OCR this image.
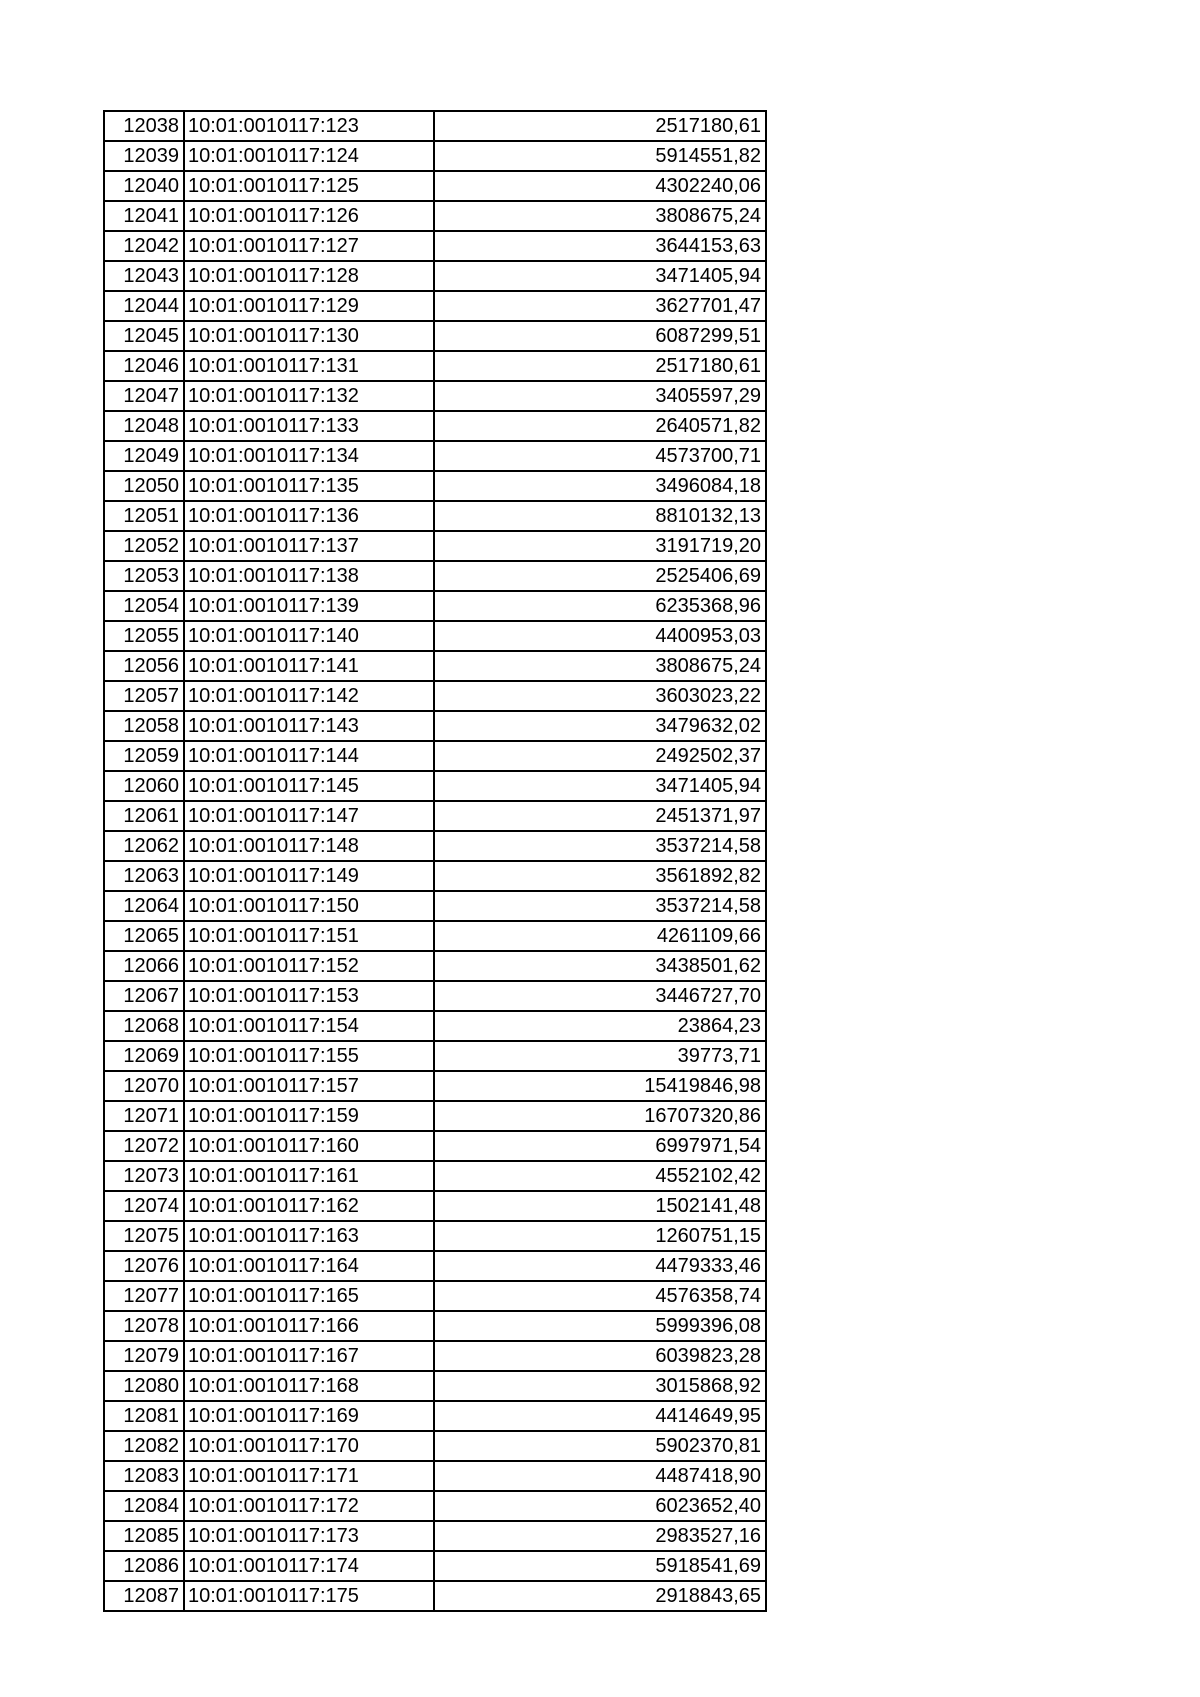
12038	10:01:0010117:123	2517180,61
12039	10:01:0010117:124	5914551,82
12040	10:01:0010117:125	4302240,06
12041	10:01:0010117:126	3808675,24
12042	10:01:0010117:127	3644153,63
12043	10:01:0010117:128	3471405,94
12044	10:01:0010117:129	3627701,47
12045	10:01:0010117:130	6087299,51
12046	10:01:0010117:131	2517180,61
12047	10:01:0010117:132	3405597,29
12048	10:01:0010117:133	2640571,82
12049	10:01:0010117:134	4573700,71
12050	10:01:0010117:135	3496084,18
12051	10:01:0010117:136	8810132,13
12052	10:01:0010117:137	3191719,20
12053	10:01:0010117:138	2525406,69
12054	10:01:0010117:139	6235368,96
12055	10:01:0010117:140	4400953,03
12056	10:01:0010117:141	3808675,24
12057	10:01:0010117:142	3603023,22
12058	10:01:0010117:143	3479632,02
12059	10:01:0010117:144	2492502,37
12060	10:01:0010117:145	3471405,94
12061	10:01:0010117:147	2451371,97
12062	10:01:0010117:148	3537214,58
12063	10:01:0010117:149	3561892,82
12064	10:01:0010117:150	3537214,58
12065	10:01:0010117:151	4261109,66
12066	10:01:0010117:152	3438501,62
12067	10:01:0010117:153	3446727,70
12068	10:01:0010117:154	23864,23
12069	10:01:0010117:155	39773,71
12070	10:01:0010117:157	15419846,98
12071	10:01:0010117:159	16707320,86
12072	10:01:0010117:160	6997971,54
12073	10:01:0010117:161	4552102,42
12074	10:01:0010117:162	1502141,48
12075	10:01:0010117:163	1260751,15
12076	10:01:0010117:164	4479333,46
12077	10:01:0010117:165	4576358,74
12078	10:01:0010117:166	5999396,08
12079	10:01:0010117:167	6039823,28
12080	10:01:0010117:168	3015868,92
12081	10:01:0010117:169	4414649,95
12082	10:01:0010117:170	5902370,81
12083	10:01:0010117:171	4487418,90
12084	10:01:0010117:172	6023652,40
12085	10:01:0010117:173	2983527,16
12086	10:01:0010117:174	5918541,69
12087	10:01:0010117:175	2918843,65
